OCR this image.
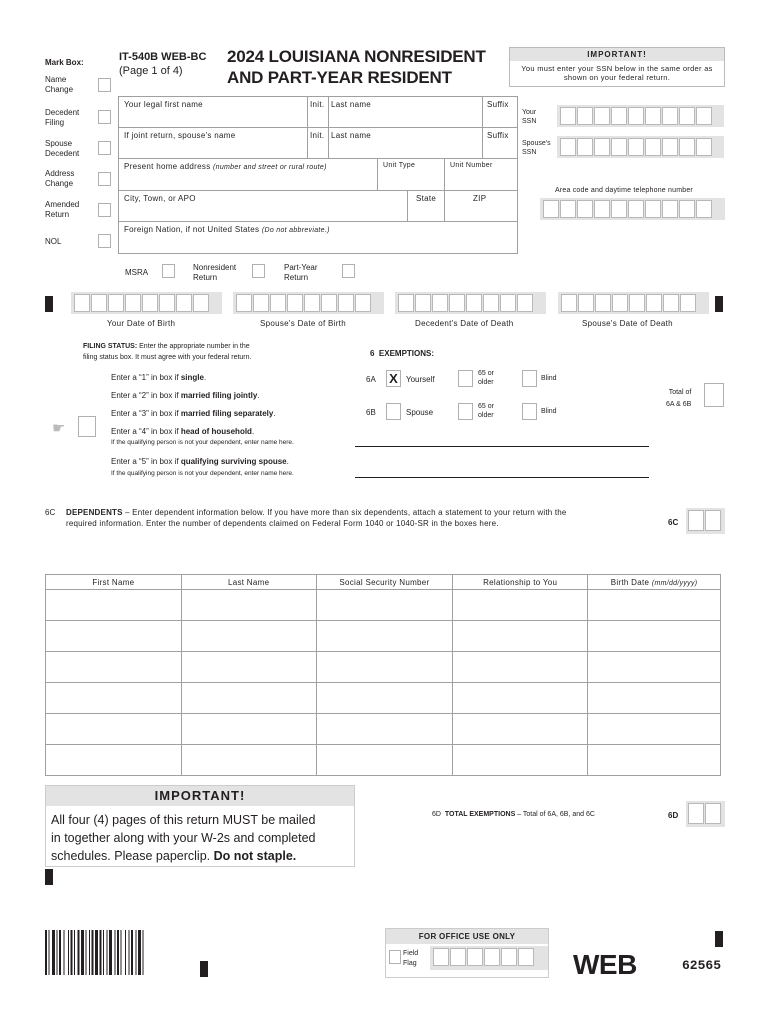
Mark Box:
Name
Change
Decedent
Filing
Spouse
Decedent
Address
Change
Amended
Return
NOL
IT-540B WEB-BC
(Page 1 of 4)
2024 LOUISIANA NONRESIDENT
AND PART-YEAR RESIDENT
IMPORTANT!
You must enter your SSN below in the same order as shown on your federal return.
Your legal first name	Init. Last name	Suffix
If joint return, spouse's name	Init. Last name	Suffix
Present home address (number and street or rural route)	Unit Type	Unit Number
City, Town, or APO	State	ZIP
Foreign Nation, if not United States (Do not abbreviate.)
Your
SSN
Spouse's
SSN
Area code and daytime telephone number
MSRA
Nonresident
Return
Part-Year
Return
Your Date of Birth	Spouse's Date of Birth	Decedent's Date of Death	Spouse's Date of Death
FILING STATUS: Enter the appropriate number in the
filing status box. It must agree with your federal return.
Enter a “1” in box if single.
Enter a “2” in box if married filing jointly.
Enter a “3” in box if married filing separately.
☛	Enter a “4” in box if head of household.
If the qualifying person is not your dependent, enter name here.
Enter a “5” in box if qualifying surviving spouse.
If the qualifying person is not your dependent, enter name here.
6  EXEMPTIONS:
6A X	Yourself
65 or
older
Blind
6B	Spouse
65 or
older
Blind
Total of
6A & 6B
6C DEPENDENTS – Enter dependent information below. If you have more than six dependents, attach a statement to your return with the
required information. Enter the number of dependents claimed on Federal Form 1040 or 1040-SR in the boxes here.	6C
First Name	Last Name	Social Security Number	Relationship to You	Birth Date (mm/dd/yyyy)

IMPORTANT!
All four (4) pages of this return MUST be mailed
in together along with your W-2s and completed
schedules. Please paperclip. Do not staple.
6D TOTAL EXEMPTIONS – Total of 6A, 6B, and 6C	6D
FOR OFFICE USE ONLY
Field
Flag	WEB	62565
